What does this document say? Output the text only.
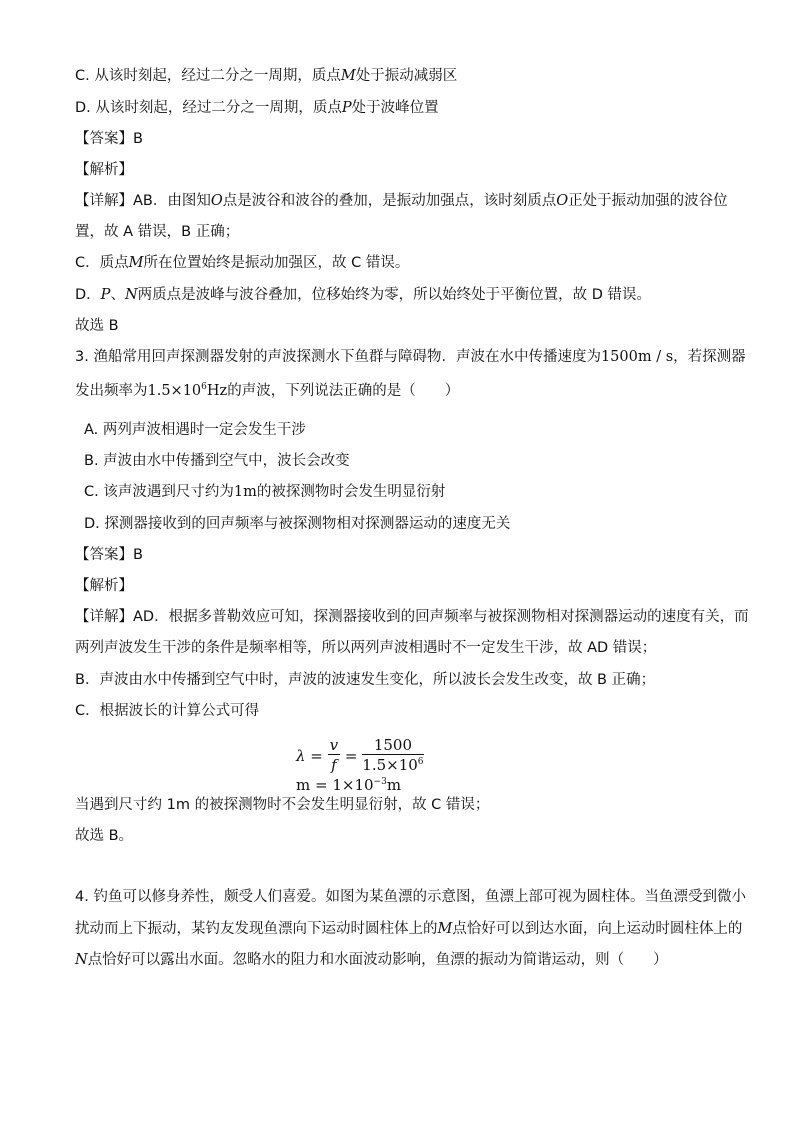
C. 从该时刻起，经过二分之一周期，质点M处于振动减弱区
D. 从该时刻起，经过二分之一周期，质点P处于波峰位置
【答案】B
【解析】
【详解】AB．由图知O点是波谷和波谷的叠加，是振动加强点，该时刻质点O正处于振动加强的波谷位
置，故 A 错误，B 正确；
C．质点M所在位置始终是振动加强区，故 C 错误。
D．P、N两质点是波峰与波谷叠加，位移始终为零，所以始终处于平衡位置，故 D 错误。
故选 B
3. 渔船常用回声探测器发射的声波探测水下鱼群与障碍物．声波在水中传播速度为1500m / s，若探测器
发出频率为$1.5\times 10^6Hz$的声波，下列说法正确的是（　　）
A. 两列声波相遇时一定会发生干涉
B. 声波由水中传播到空气中，波长会改变
C. 该声波遇到尺寸约为1m的被探测物时会发生明显衍射
D. 探测器接收到的回声频率与被探测物相对探测器运动的速度无关
【答案】B
【解析】
【详解】AD．根据多普勒效应可知，探测器接收到的回声频率与被探测物相对探测器运动的速度有关，而
两列声波发生干涉的条件是频率相等，所以两列声波相遇时不一定发生干涉，故 AD 错误；
B．声波由水中传播到空气中时，声波的波速发生变化，所以波长会发生改变，故 B 正确；
C．根据波长的计算公式可得
$\lambda = \frac{v}{f} = \frac{1500}{1.5\times 10^6}$
$m = 1\times 10^{-3}m$
当遇到尺寸约 1m 的被探测物时不会发生明显衍射，故 C 错误；
故选 B。
4. 钓鱼可以修身养性，颇受人们喜爱。如图为某鱼漂的示意图，鱼漂上部可视为圆柱体。当鱼漂受到微小
扰动而上下振动，某钓友发现鱼漂向下运动时圆柱体上的M点恰好可以到达水面，向上运动时圆柱体上的
N点恰好可以露出水面。忽略水的阻力和水面波动影响，鱼漂的振动为简谐运动，则（　　）
